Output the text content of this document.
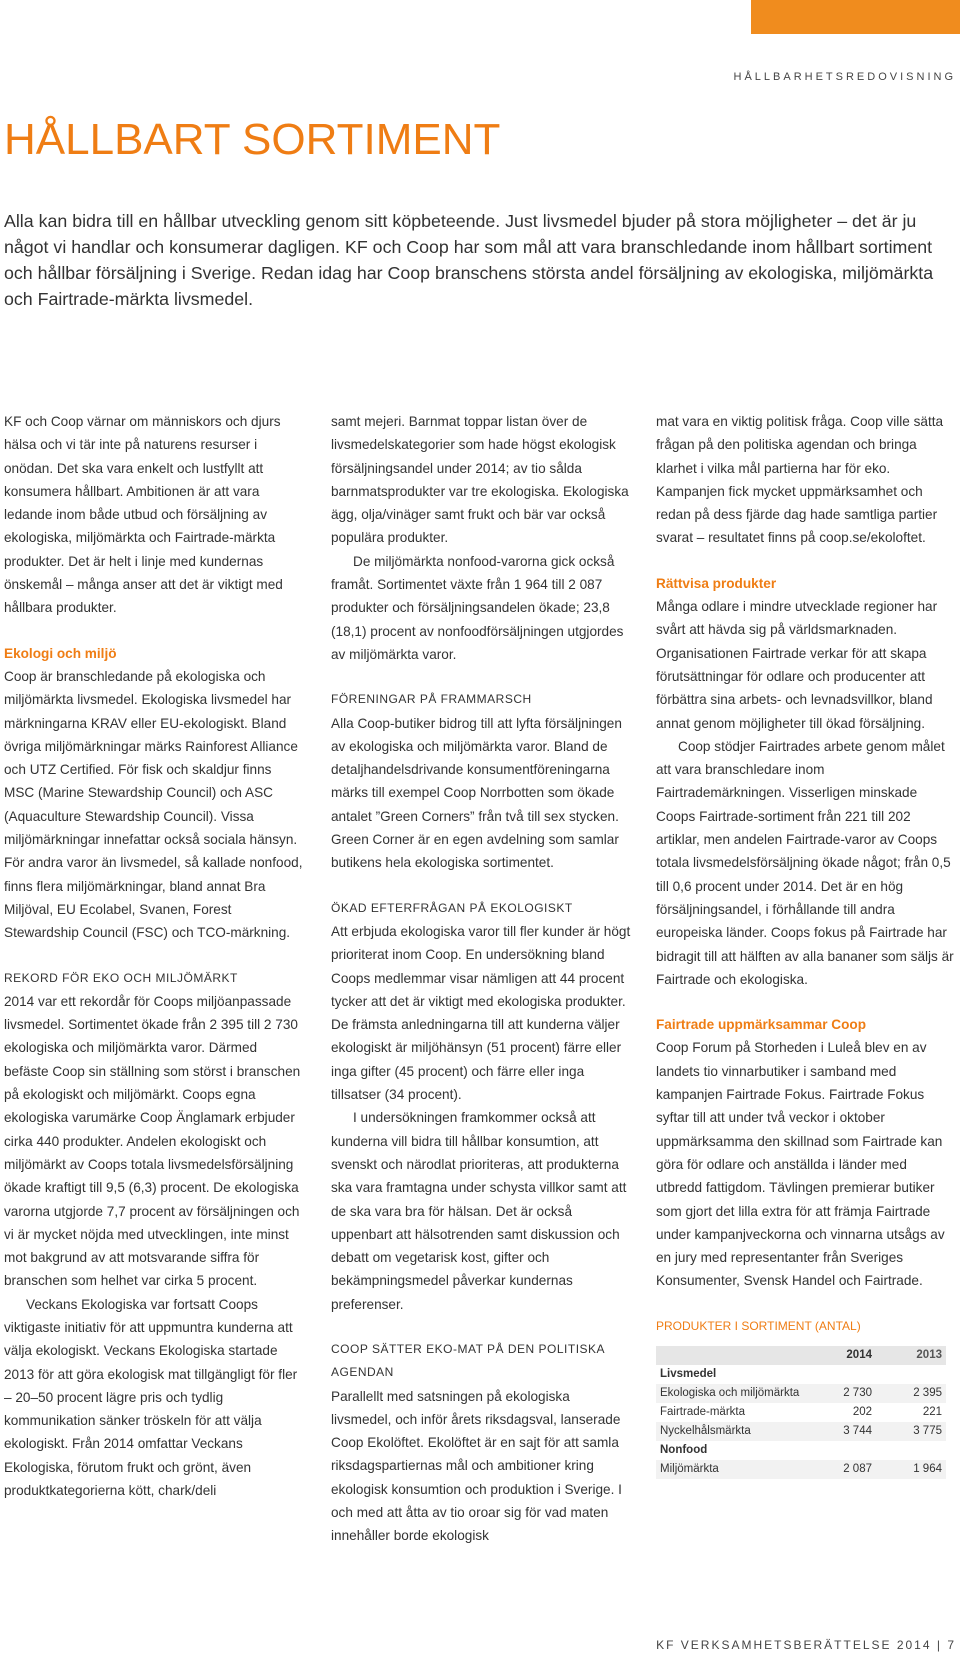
HÅLLBARHETSREDOVISNING
HÅLLBART SORTIMENT

Alla kan bidra till en hållbar utveckling genom sitt köpbeteende. Just livsmedel bjuder på stora möjligheter – det är ju något vi handlar och konsumerar dagligen. KF och Coop har som mål att vara branschledande inom hållbart sortiment och hållbar försäljning i Sverige. Redan idag har Coop branschens största andel försäljning av ekologiska, miljömärkta och Fairtrade-märkta livsmedel.

KF och Coop värnar om människors och djurs hälsa och vi tär inte på naturens resurser i onödan. Det ska vara enkelt och lustfyllt att konsumera hållbart. Ambitionen är att vara ledande inom både utbud och försäljning av ekologiska, miljömärkta och Fairtrade-märkta produkter. Det är helt i linje med kundernas önskemål – många anser att det är viktigt med hållbara produkter.

Ekologi och miljö

Coop är branschledande på ekologiska och miljömärkta livsmedel. Ekologiska livsmedel har märkningarna KRAV eller EU-ekologiskt. Bland övriga miljömärkningar märks Rainforest Alliance och UTZ Certified. För fisk och skaldjur finns MSC (Marine Stewardship Council) och ASC (Aquaculture Stewardship Council). Vissa miljömärkningar innefattar också sociala hänsyn. För andra varor än livsmedel, så kallade nonfood, finns flera miljömärkningar, bland annat Bra Miljöval, EU Ecolabel, Svanen, Forest Stewardship Council (FSC) och TCO-märkning.

REKORD FÖR EKO OCH MILJÖMÄRKT

2014 var ett rekordår för Coops miljöanpassade livsmedel. Sortimentet ökade från 2 395 till 2 730 ekologiska och miljömärkta varor. Därmed befäste Coop sin ställning som störst i branschen på ekologiskt och miljömärkt. Coops egna ekologiska varumärke Coop Änglamark erbjuder cirka 440 produkter. Andelen ekologiskt och miljömärkt av Coops totala livsmedelsförsäljning ökade kraftigt till 9,5 (6,3) procent. De ekologiska varorna utgjorde 7,7 procent av försäljningen och vi är mycket nöjda med utvecklingen, inte minst mot bakgrund av att motsvarande siffra för branschen som helhet var cirka 5 procent.

Veckans Ekologiska var fortsatt Coops viktigaste initiativ för att uppmuntra kunderna att välja ekologiskt. Veckans Ekologiska startade 2013 för att göra ekologisk mat tillgängligt för fler – 20–50 procent lägre pris och tydlig kommunikation sänker tröskeln för att välja ekologiskt. Från 2014 omfattar Veckans Ekologiska, förutom frukt och grönt, även produktkategorierna kött, chark/deli

samt mejeri. Barnmat toppar listan över de livsmedelskategorier som hade högst ekologisk försäljningsandel under 2014; av tio sålda barnmatsprodukter var tre ekologiska. Ekologiska ägg, olja/vinäger samt frukt och bär var också populära produkter.

De miljömärkta nonfood-varorna gick också framåt. Sortimentet växte från 1 964 till 2 087 produkter och försäljningsandelen ökade; 23,8 (18,1) procent av nonfoodförsäljningen utgjordes av miljömärkta varor.

FÖRENINGAR PÅ FRAMMARSCH

Alla Coop-butiker bidrog till att lyfta försäljningen av ekologiska och miljömärkta varor. Bland de detaljhandelsdrivande konsumentföreningarna märks till exempel Coop Norrbotten som ökade antalet ”Green Corners” från två till sex stycken. Green Corner är en egen avdelning som samlar butikens hela ekologiska sortimentet.

ÖKAD EFTERFRÅGAN PÅ EKOLOGISKT

Att erbjuda ekologiska varor till fler kunder är högt prioriterat inom Coop. En undersökning bland Coops medlemmar visar nämligen att 44 procent tycker att det är viktigt med ekologiska produkter. De främsta anledningarna till att kunderna väljer ekologiskt är miljöhänsyn (51 procent) färre eller inga gifter (45 procent) och färre eller inga tillsatser (34 procent).

I undersökningen framkommer också att kunderna vill bidra till hållbar konsumtion, att svenskt och närodlat prioriteras, att produkterna ska vara framtagna under schysta villkor samt att de ska vara bra för hälsan. Det är också uppenbart att hälsotrenden samt diskussion och debatt om vegetarisk kost, gifter och bekämpningsmedel påverkar kundernas preferenser.

COOP SÄTTER EKO-MAT PÅ DEN POLITISKA AGENDAN

Parallellt med satsningen på ekologiska livsmedel, och inför årets riksdagsval, lanserade Coop Ekolöftet. Ekolöftet är en sajt för att samla riksdagspartiernas mål och ambitioner kring ekologisk konsumtion och produktion i Sverige. I och med att åtta av tio oroar sig för vad maten innehåller borde ekologisk

mat vara en viktig politisk fråga. Coop ville sätta frågan på den politiska agendan och bringa klarhet i vilka mål partierna har för eko. Kampanjen fick mycket uppmärksamhet och redan på dess fjärde dag hade samtliga partier svarat – resultatet finns på coop.se/ekoloftet.

Rättvisa produkter

Många odlare i mindre utvecklade regioner har svårt att hävda sig på världsmarknaden. Organisationen Fairtrade verkar för att skapa förutsättningar för odlare och producenter att förbättra sina arbets- och levnadsvillkor, bland annat genom möjligheter till ökad försäljning.

Coop stödjer Fairtrades arbete genom målet att vara branschledare inom Fairtrademärkningen. Visserligen minskade Coops Fairtrade-sortiment från 221 till 202 artiklar, men andelen Fairtrade-varor av Coops totala livsmedelsförsäljning ökade något; från 0,5 till 0,6 procent under 2014. Det är en hög försäljningsandel, i förhållande till andra europeiska länder. Coops fokus på Fairtrade har bidragit till att hälften av alla bananer som säljs är Fairtrade och ekologiska.

Fairtrade uppmärksammar Coop

Coop Forum på Storheden i Luleå blev en av landets tio vinnarbutiker i samband med kampanjen Fairtrade Fokus. Fairtrade Fokus syftar till att under två veckor i oktober uppmärksamma den skillnad som Fairtrade kan göra för odlare och anställda i länder med utbredd fattigdom. Tävlingen premierar butiker som gjort det lilla extra för att främja Fairtrade under kampanjveckorna och vinnarna utsågs av en jury med representanter från Sveriges Konsumenter, Svensk Handel och Fairtrade.

PRODUKTER I SORTIMENT (ANTAL)

	2014	2013
Livsmedel		
Ekologiska och miljömärkta	2 730	2 395
Fairtrade-märkta	202	221
Nyckelhålsmärkta	3 744	3 775
Nonfood		
Miljömärkta	2 087	1 964
KF VERKSAMHETSBERÄTTELSE 2014 | 7
